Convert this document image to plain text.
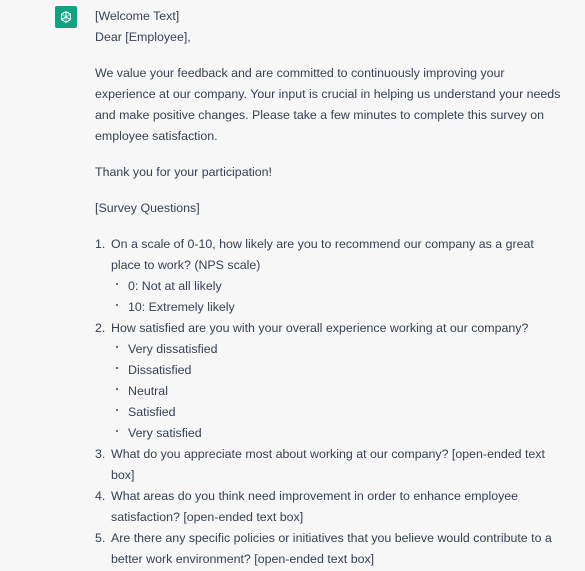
[Welcome Text]

Dear [Employee],

We value your feedback and are committed to continuously improving your experience at our company. Your input is crucial in helping us understand your needs and make positive changes. Please take a few minutes to complete this survey on employee satisfaction.

Thank you for your participation!

[Survey Questions]

1. On a scale of 0-10, how likely are you to recommend our company as a great place to work? (NPS scale)
0: Not at all likely
10: Extremely likely
2. How satisfied are you with your overall experience working at our company?
Very dissatisfied
Dissatisfied
Neutral
Satisfied
Very satisfied
3. What do you appreciate most about working at our company? [open-ended text box]
4. What areas do you think need improvement in order to enhance employee satisfaction? [open-ended text box]
5. Are there any specific policies or initiatives that you believe would contribute to a better work environment? [open-ended text box]
